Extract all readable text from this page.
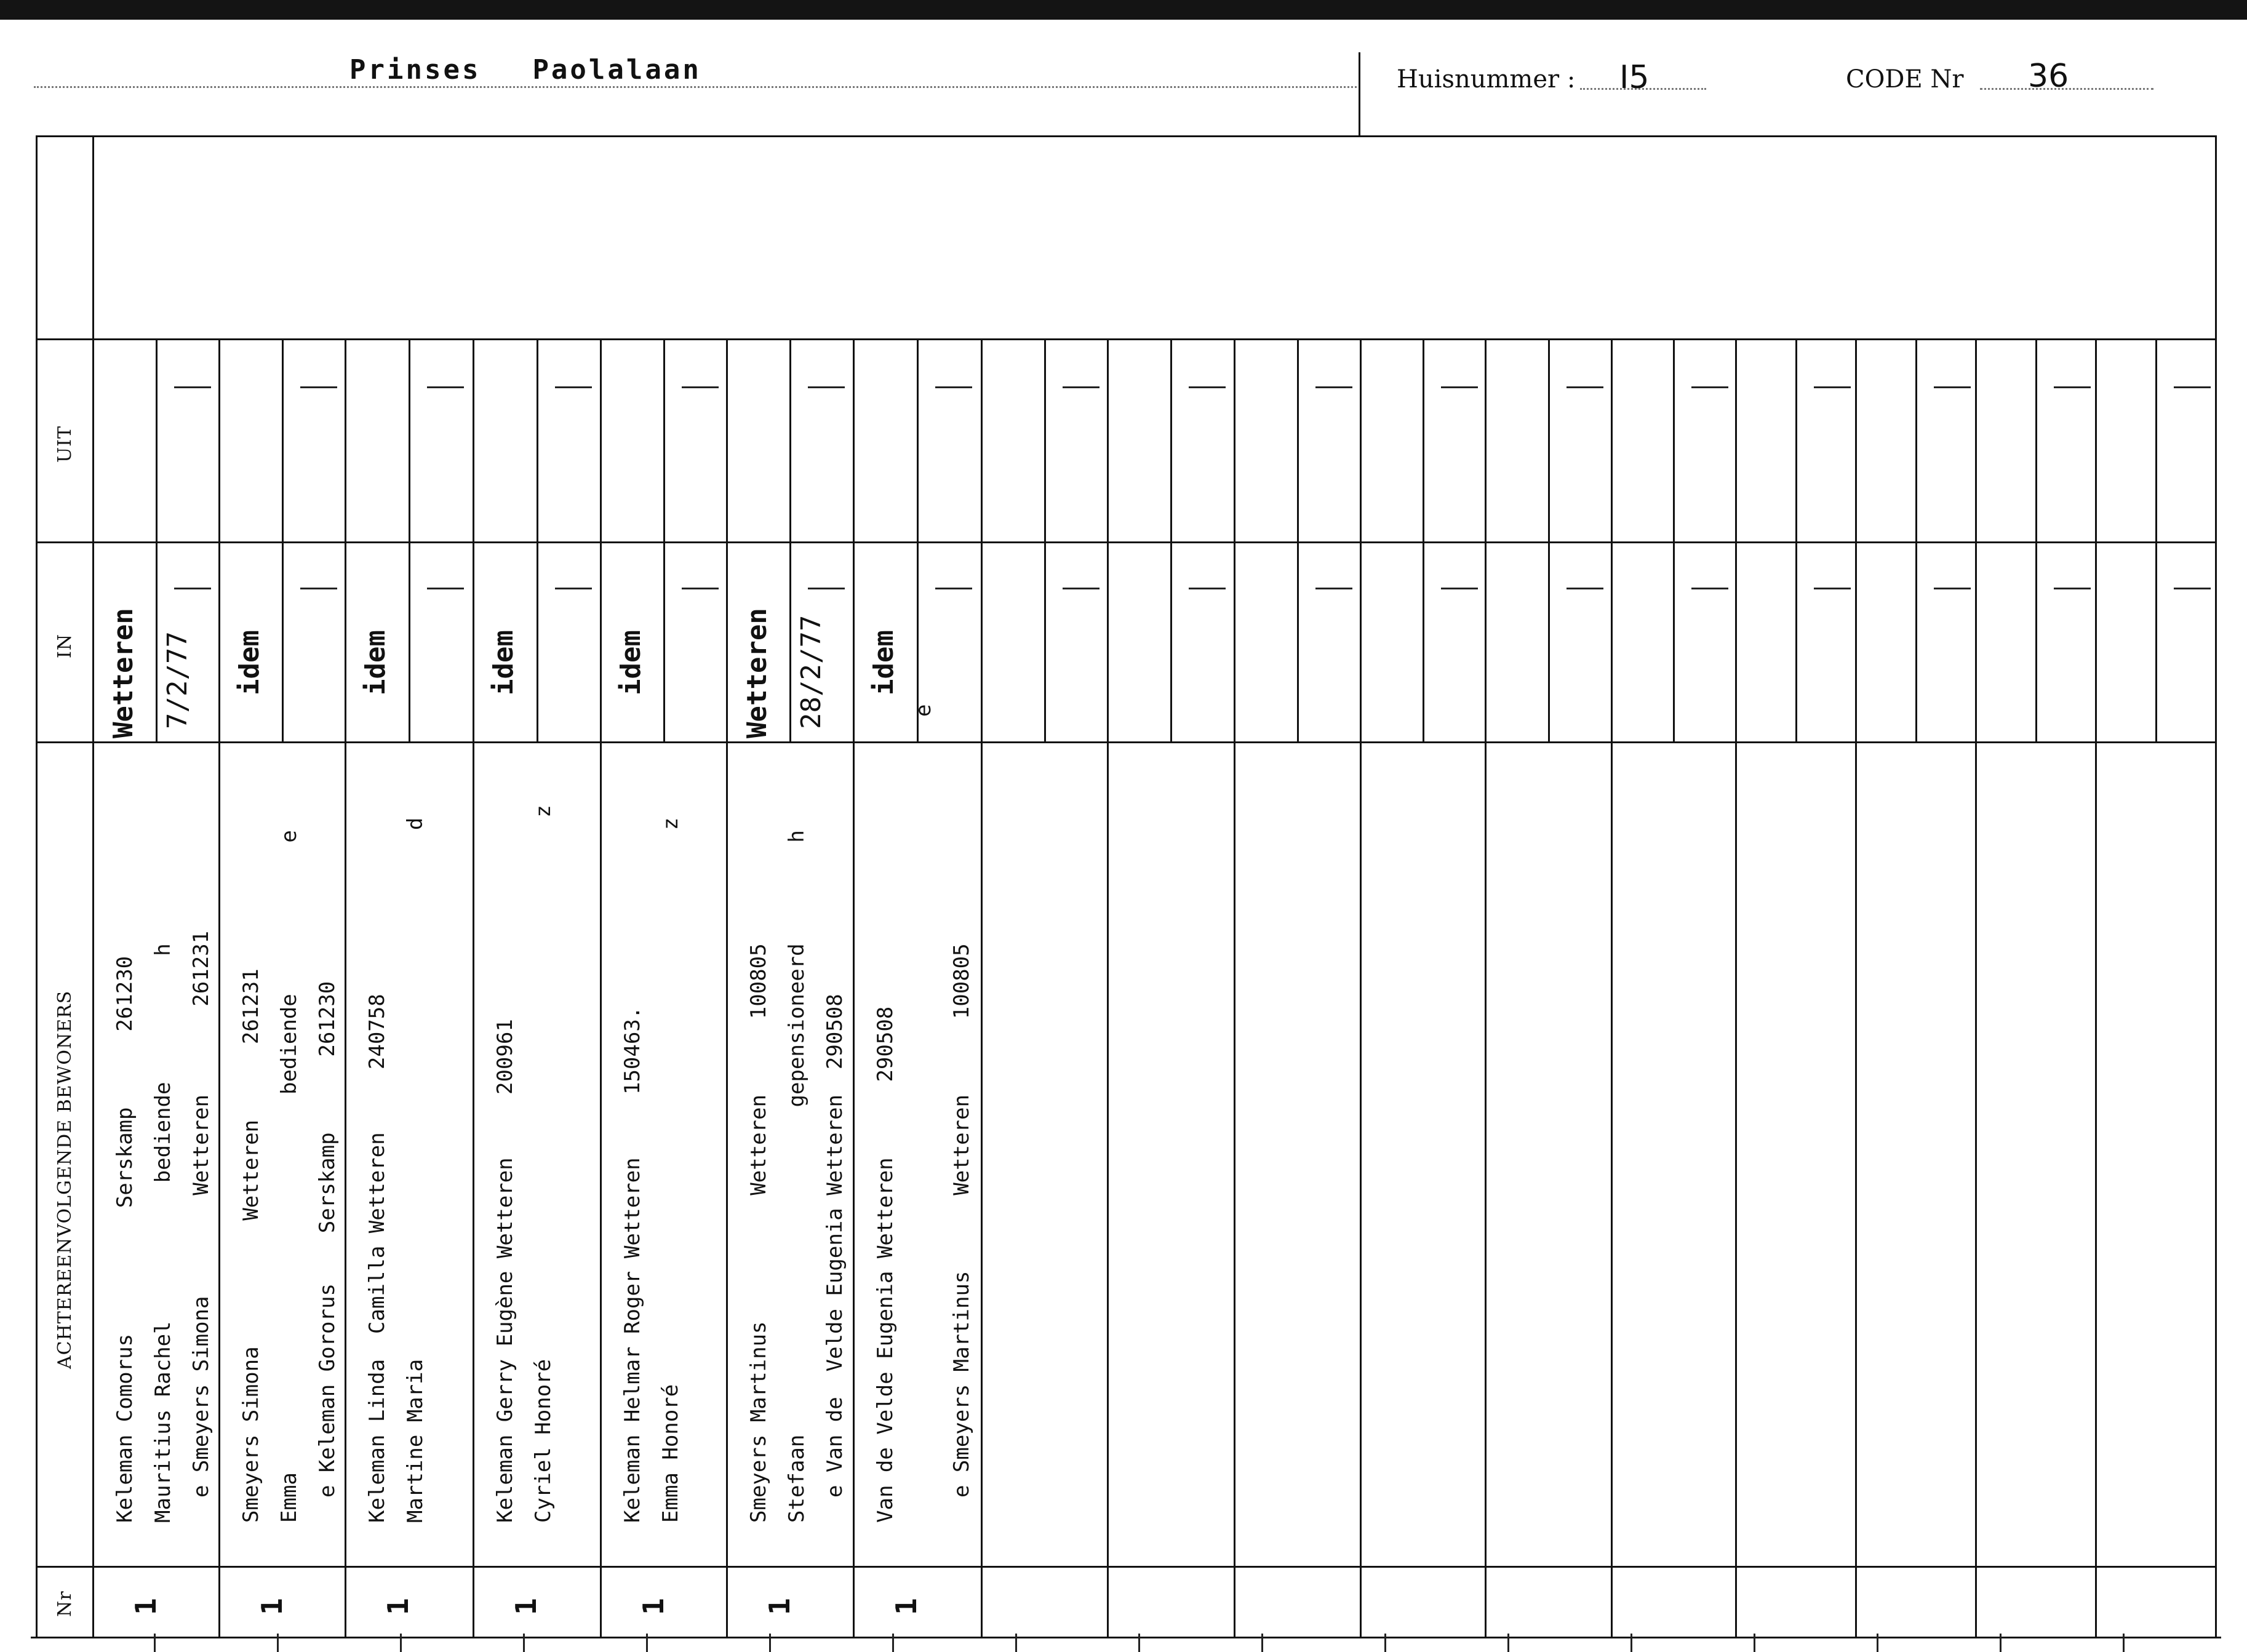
Prinses Paolalaan	Huisnummer : I5	CODE Nr 36
UIT
IN
ACHTEREENVOLGENDE BEWONERS
Nr
Wetteren 7/2/77
Keleman Comorus          Serskamp      261230 Mauritius Rachel           bediende          h e Smeyers Simona        Wetteren       261231
1
idem
Smeyers Simona          Wetteren      261231 Emma                              bediende            e e Keleman Gororus    Serskamp      261230
1
idem
Keleman Linda  Camilla Wetteren     240758 Martine Maria                                          d
1
idem
Keleman Gerry Eugène Wetteren     200961 Cyriel Honoré                                           z
1
idem
Keleman Helmar Roger Wetteren     150463. Emma Honoré                                            z
1
Wetteren 28/2/77
Smeyers Martinus          Wetteren      100805 Stefaan                          gepensioneerd        h e Van de  Velde Eugenia Wetteren  290508
1
idem
Van de Velde Eugenia Wetteren      290508 e e Smeyers Martinus      Wetteren      100805
1
